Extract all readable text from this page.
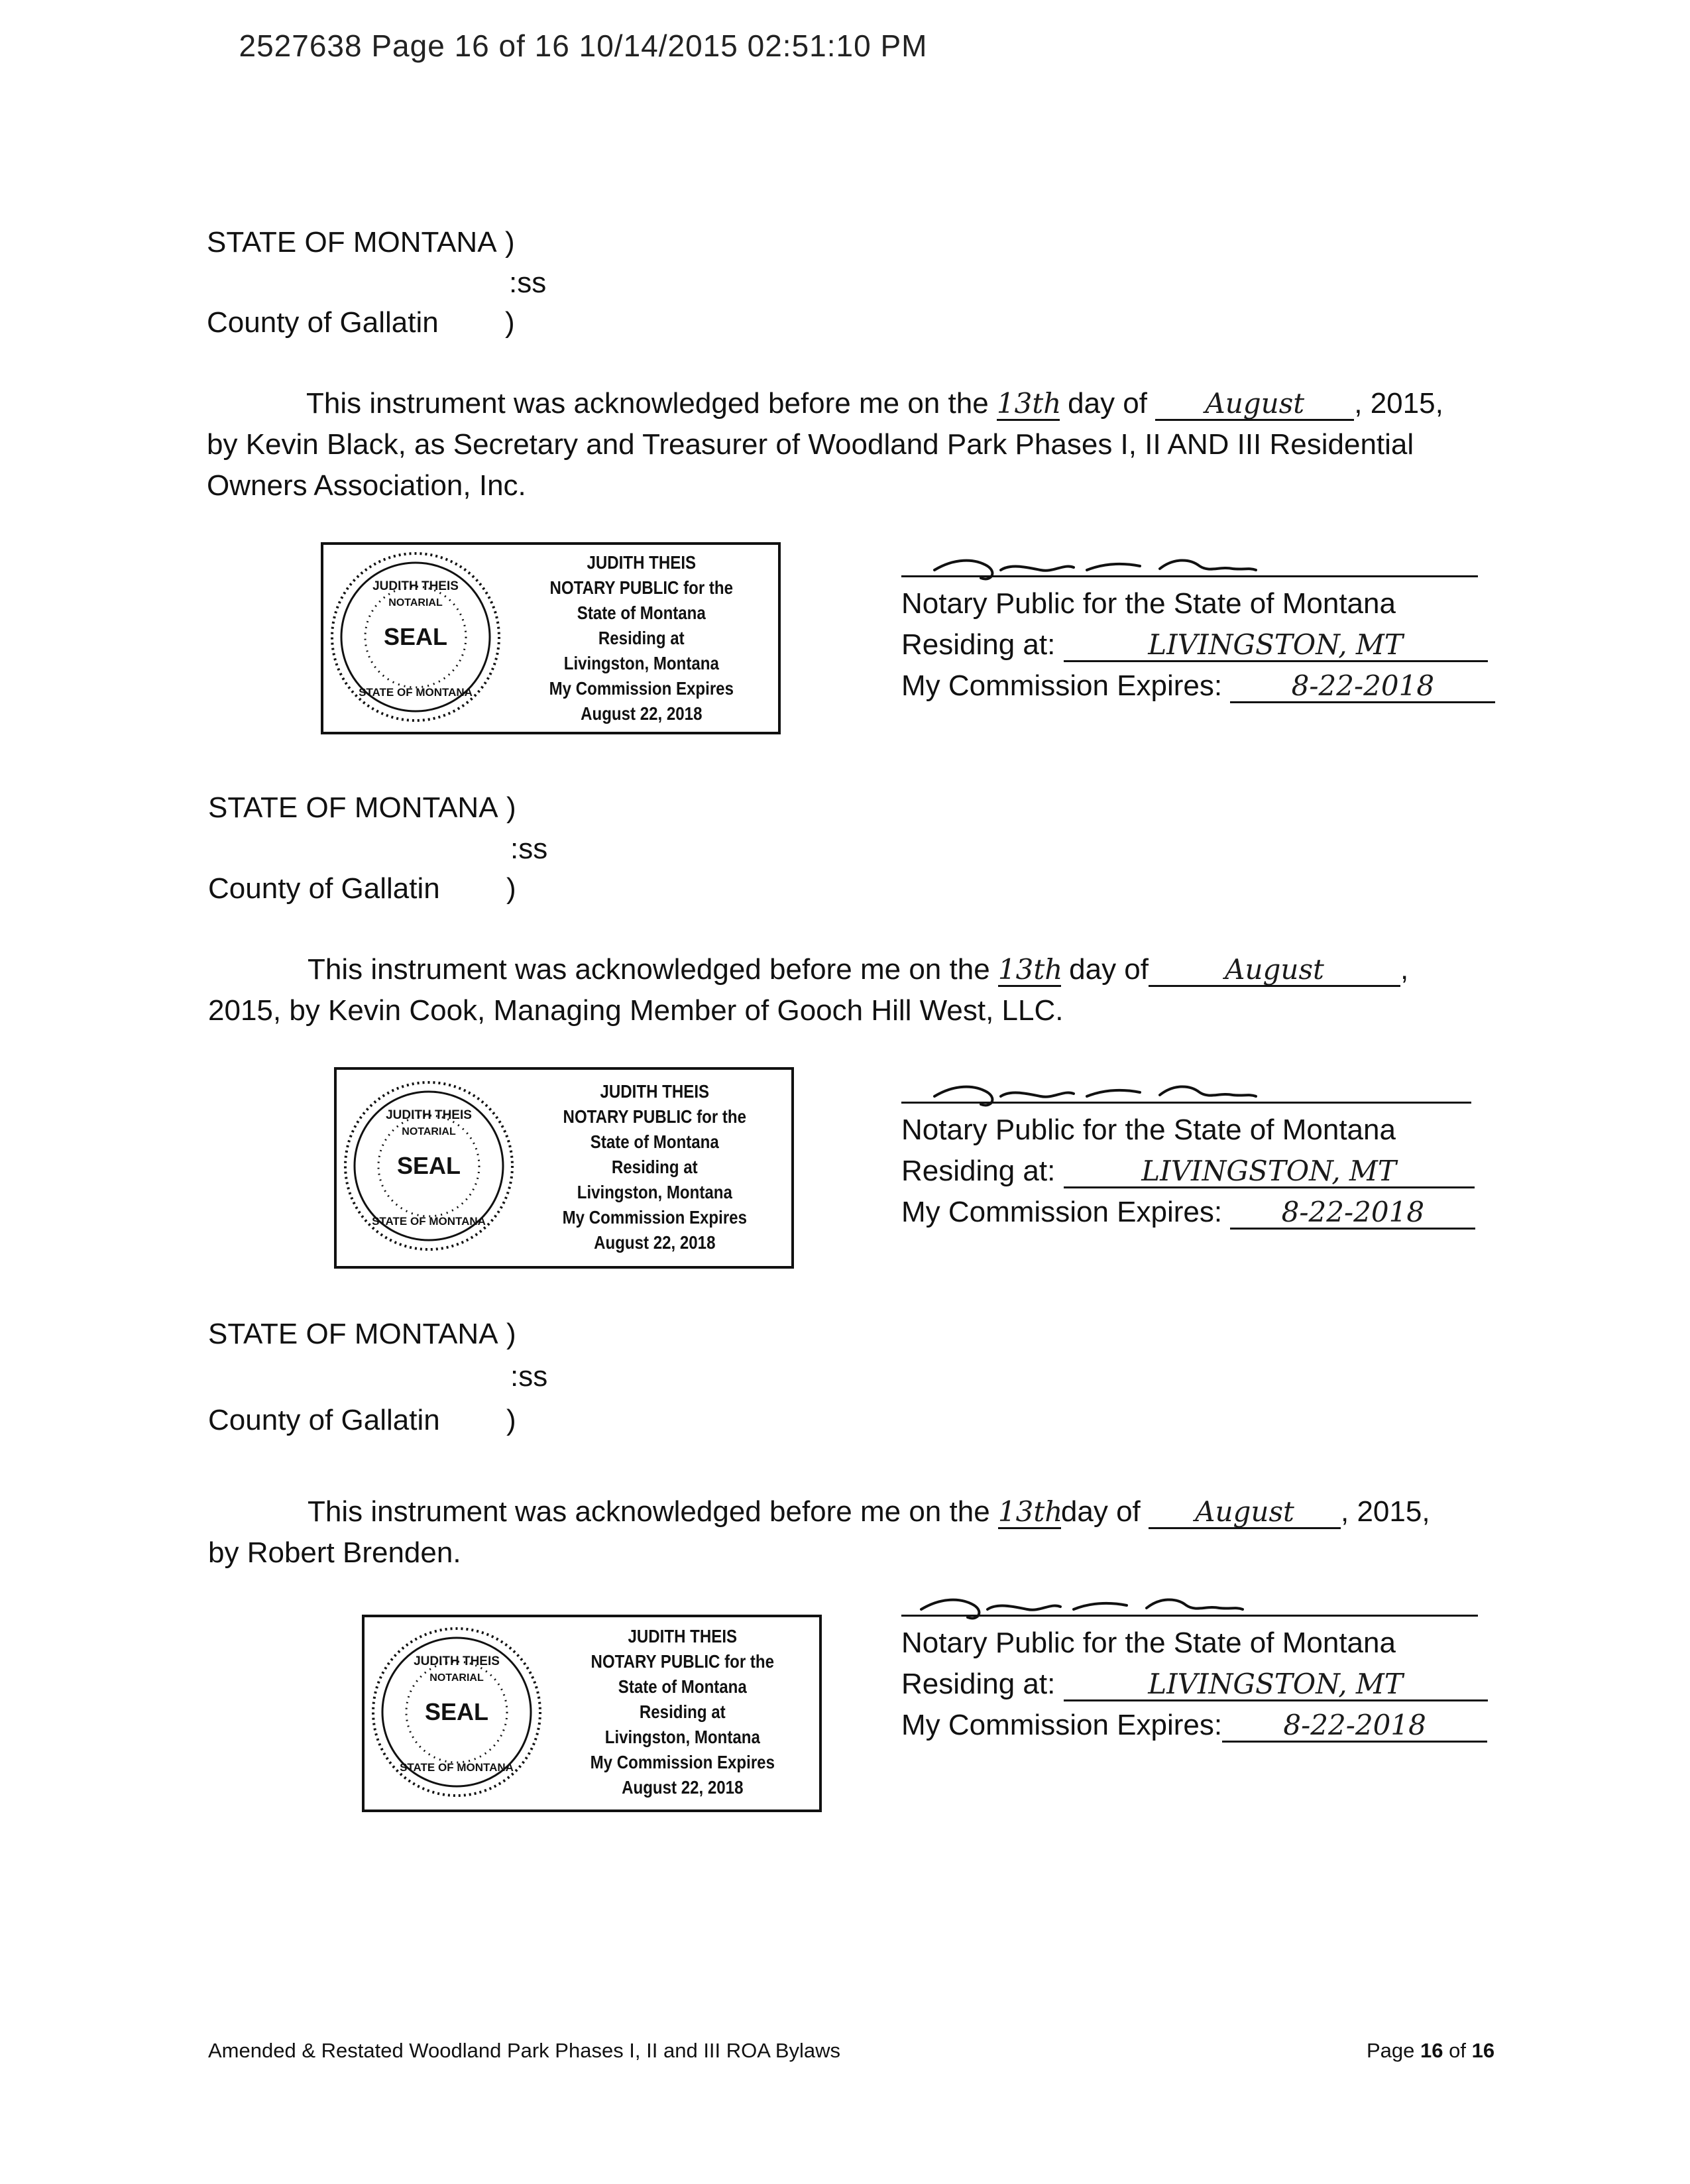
2527638 Page 16 of 16 10/14/2015 02:51:10 PM
STATE OF MONTANA )
:ss
County of Gallatin )
This instrument was acknowledged before me on the 13th day of August , 2015,
by Kevin Black, as Secretary and Treasurer of Woodland Park Phases I, II AND III Residential
Owners Association, Inc.
SEAL
JUDITH THEIS
NOTARIAL
STATE OF MONTANA
JUDITH THEIS
NOTARY PUBLIC for the
State of Montana
Residing at
Livingston, Montana
My Commission Expires
August 22, 2018
Notary Public for the State of Montana
Residing at:	LIVINGSTON, MT
My Commission Expires: 8-22-2018
STATE OF MONTANA )
:ss
County of Gallatin )
This instrument was acknowledged before me on the 13th day of	August	,
2015, by Kevin Cook, Managing Member of Gooch Hill West, LLC.
SEAL
JUDITH THEIS
NOTARIAL
STATE OF MONTANA
JUDITH THEIS
NOTARY PUBLIC for the
State of Montana
Residing at
Livingston, Montana
My Commission Expires
August 22, 2018
Notary Public for the State of Montana
Residing at:	LIVINGSTON, MT
My Commission Expires: 8-22-2018
STATE OF MONTANA )
:ss
County of Gallatin )
This instrument was acknowledged before me on the 13thday of August , 2015,
by Robert Brenden.
SEAL
JUDITH THEIS
NOTARIAL
STATE OF MONTANA
JUDITH THEIS
NOTARY PUBLIC for the
State of Montana
Residing at
Livingston, Montana
My Commission Expires
August 22, 2018
Notary Public for the State of Montana
Residing at:	LIVINGSTON, MT
My Commission Expires: 8-22-2018
Amended & Restated Woodland Park Phases I, II and III ROA Bylaws	Page 16 of 16
